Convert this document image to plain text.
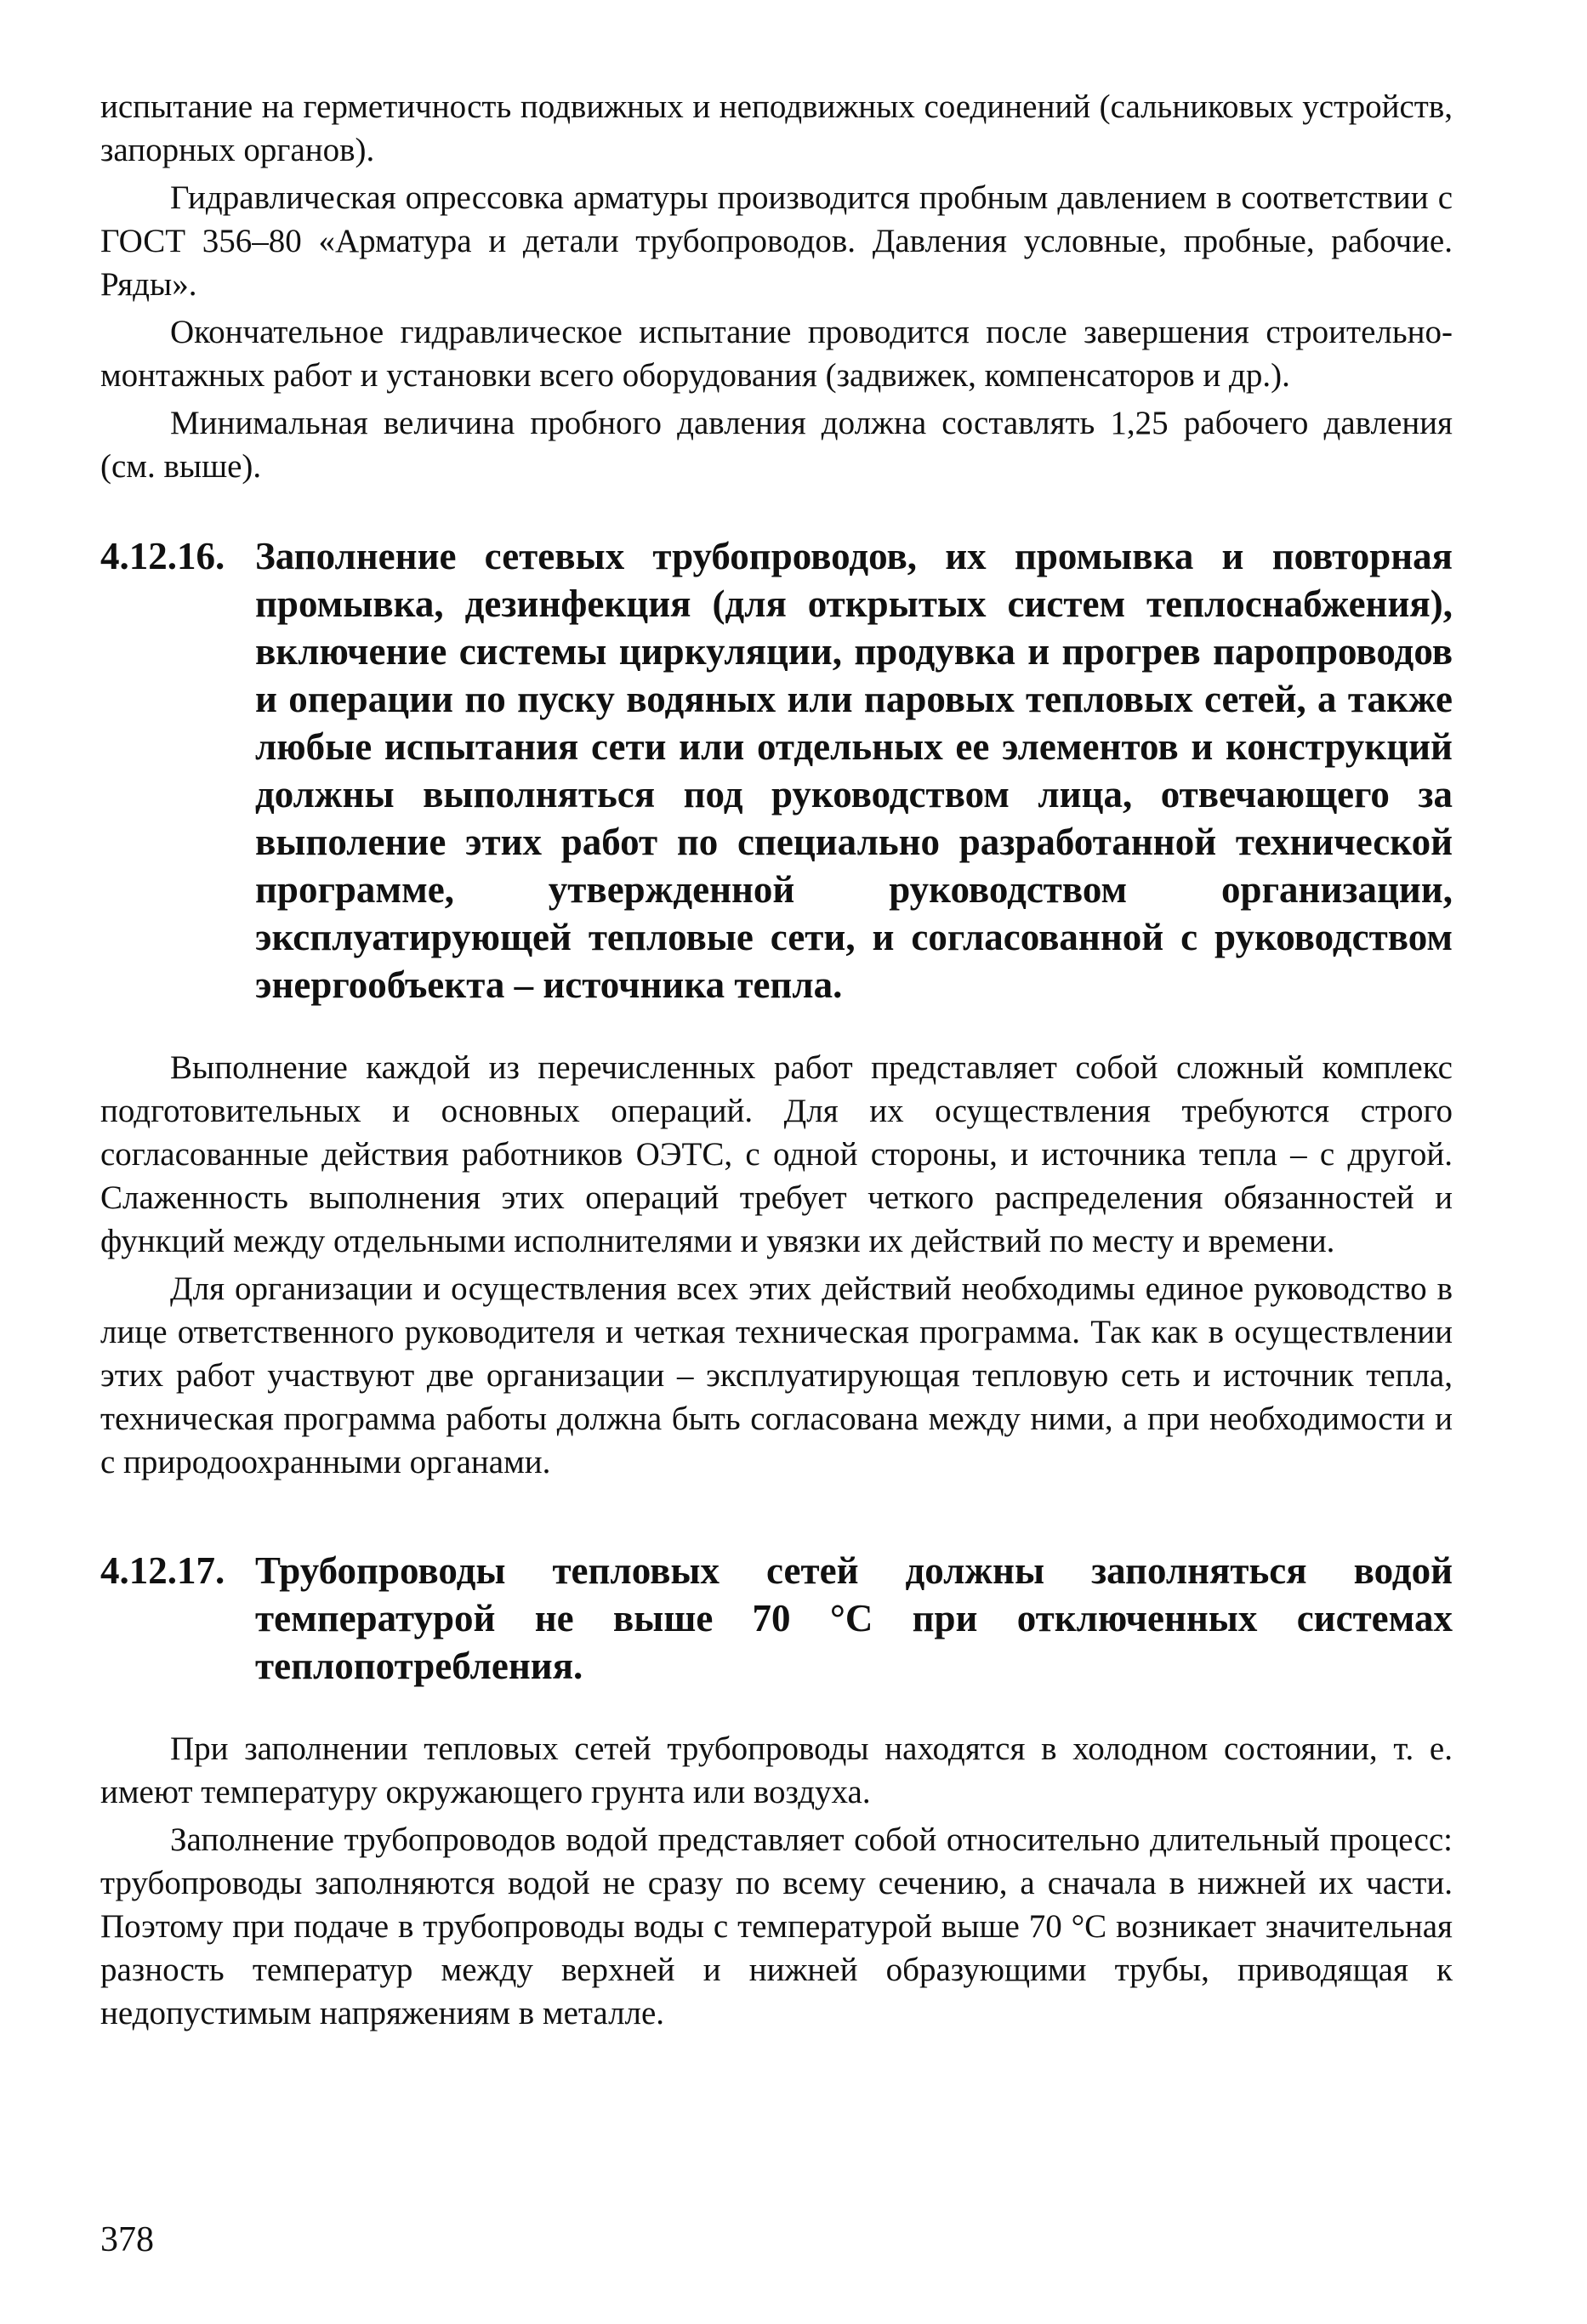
испытание на герметичность подвижных и неподвижных соединений (сальниковых устройств, запорных органов).

Гидравлическая опрессовка арматуры производится пробным давлением в соответствии с ГОСТ 356–80 «Арматура и детали трубопроводов. Давления условные, пробные, рабочие. Ряды».

Окончательное гидравлическое испытание проводится после завершения строительно-монтажных работ и установки всего оборудования (задвижек, компенсаторов и др.).

Минимальная величина пробного давления должна составлять 1,25 рабочего давления (см. выше).

4.12.16. Заполнение сетевых трубопроводов, их промывка и повторная промывка, дезинфекция (для открытых систем теплоснабжения), включение системы циркуляции, продувка и прогрев паропроводов и операции по пуску водяных или паровых тепловых сетей, а также любые испытания сети или отдельных ее элементов и конструкций должны выполняться под руководством лица, отвечающего за выполение этих работ по специально разработанной технической программе, утвержденной руководством организации, эксплуатирующей тепловые сети, и согласованной с руководством энергообъекта – источника тепла.

Выполнение каждой из перечисленных работ представляет собой сложный комплекс подготовительных и основных операций. Для их осуществления требуются строго согласованные действия работников ОЭТС, с одной стороны, и источника тепла – с другой. Слаженность выполнения этих операций требует четкого распределения обязанностей и функций между отдельными исполнителями и увязки их действий по месту и времени.

Для организации и осуществления всех этих действий необходимы единое руководство в лице ответственного руководителя и четкая техническая программа. Так как в осуществлении этих работ участвуют две организации – эксплуатирующая тепловую сеть и источник тепла, техническая программа работы должна быть согласована между ними, а при необходимости и с природоохранными органами.

4.12.17. Трубопроводы тепловых сетей должны заполняться водой температурой не выше 70 °С при отключенных системах теплопотребления.

При заполнении тепловых сетей трубопроводы находятся в холодном состоянии, т. е. имеют температуру окружающего грунта или воздуха.

Заполнение трубопроводов водой представляет собой относительно длительный процесс: трубопроводы заполняются водой не сразу по всему сечению, а сначала в нижней их части. Поэтому при подаче в трубопроводы воды с температурой выше 70 °С возникает значительная разность температур между верхней и нижней образующими трубы, приводящая к недопустимым напряжениям в металле.

378
